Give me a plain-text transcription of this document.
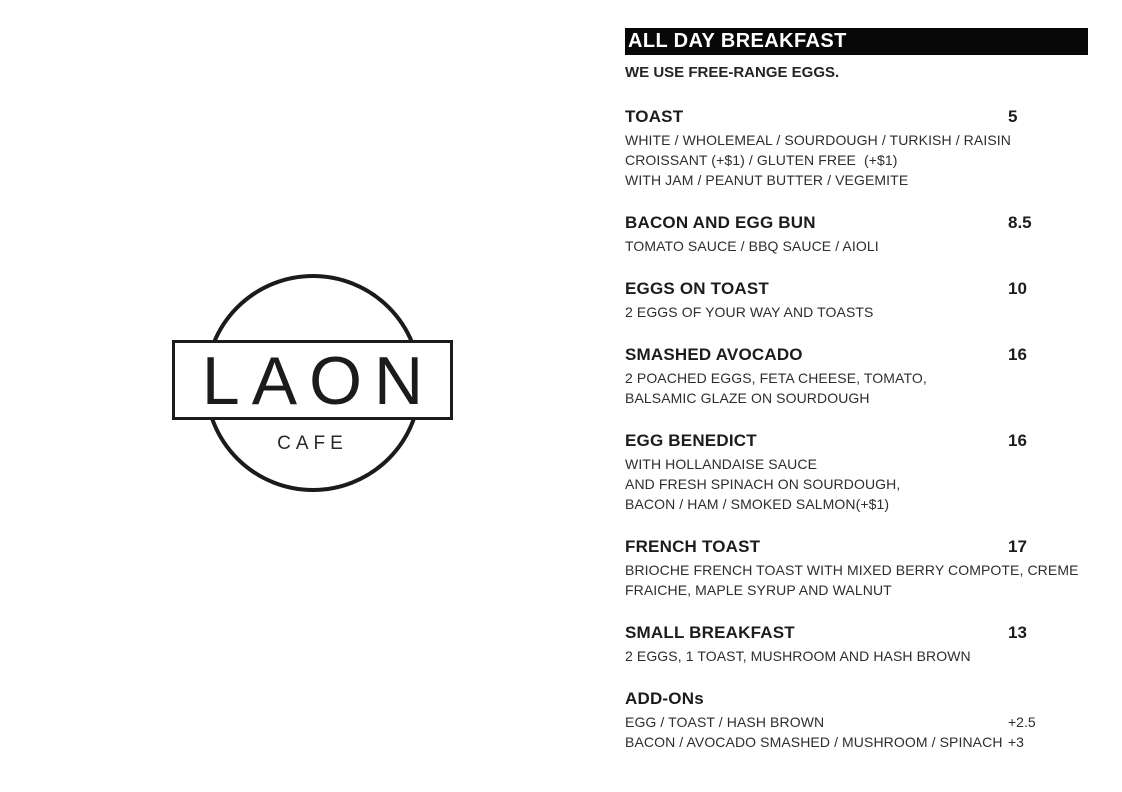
LAON
CAFE
ALL DAY BREAKFAST
WE USE FREE-RANGE EGGS.
TOAST	5
WHITE / WHOLEMEAL / SOURDOUGH / TURKISH / RAISIN
CROISSANT (+$1) / GLUTEN FREE  (+$1)
WITH JAM / PEANUT BUTTER / VEGEMITE
BACON AND EGG BUN	8.5
TOMATO SAUCE / BBQ SAUCE / AIOLI
EGGS ON TOAST	10
2 EGGS OF YOUR WAY AND TOASTS
SMASHED AVOCADO	16
2 POACHED EGGS, FETA CHEESE, TOMATO,
BALSAMIC GLAZE ON SOURDOUGH
EGG BENEDICT	16
WITH HOLLANDAISE SAUCE
AND FRESH SPINACH ON SOURDOUGH,
BACON / HAM / SMOKED SALMON(+$1)
FRENCH TOAST	17
BRIOCHE FRENCH TOAST WITH MIXED BERRY COMPOTE, CREME
FRAICHE, MAPLE SYRUP AND WALNUT
SMALL BREAKFAST	13
2 EGGS, 1 TOAST, MUSHROOM AND HASH BROWN
ADD-ONs
EGG / TOAST / HASH BROWN	+2.5
BACON / AVOCADO SMASHED / MUSHROOM / SPINACH +3
